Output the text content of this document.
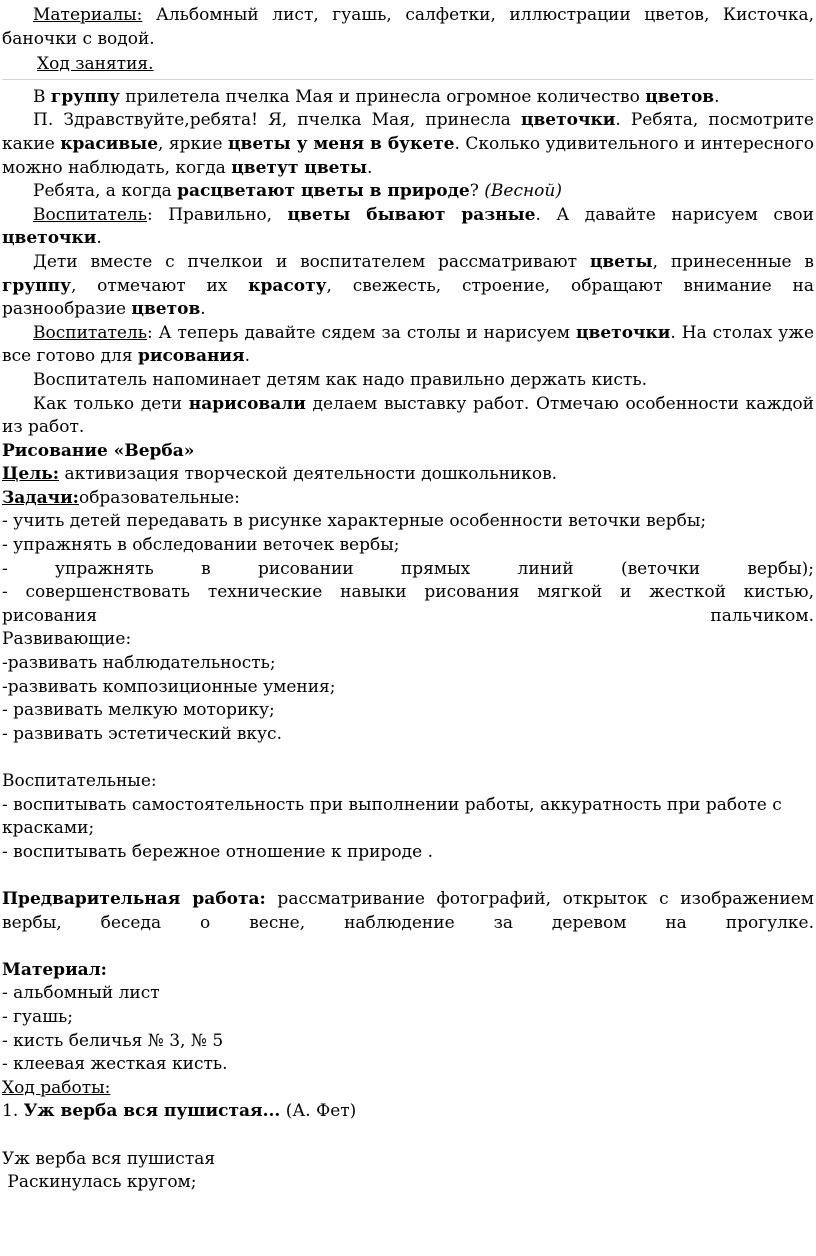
Материалы: Альбомный лист, гуашь, салфетки, иллюстрации цветов, Кисточка, баночки с водой.

Ход занятия.

В группу прилетела пчелка Мая и принесла огромное количество цветов.

П. Здравствуйте,ребята! Я, пчелка Мая, принесла цветочки. Ребята, посмотрите какие красивые, яркие цветы у меня в букете. Сколько удивительного и интересного можно наблюдать, когда цветут цветы.

Ребята, а когда расцветают цветы в природе? (Весной)

Воспитатель: Правильно, цветы бывают разные. А давайте нарисуем свои цветочки.

Дети вместе с пчелкои и воспитателем рассматривают цветы, принесенные в группу, отмечают их красоту, свежесть, строение, обращают внимание на разнообразие цветов.

Воспитатель: А теперь давайте сядем за столы и нарисуем цветочки. На столах уже все готово для рисования.

Воспитатель напоминает детям как надо правильно держать кисть.

Как только дети нарисовали делаем выставку работ. Отмечаю особенности каждой из работ.

Рисование «Верба»

Цель: активизация творческой деятельности дошкольников.

Задачи:образовательные:

- учить детей передавать в рисунке характерные особенности веточки вербы;

- упражнять в обследовании веточек вербы;

- упражнять в рисовании прямых линий (веточки вербы);

- совершенствовать технические навыки рисования мягкой и жесткой кистью, рисования пальчиком.

Развивающие:

-развивать наблюдательность;

-развивать композиционные умения;

- развивать мелкую моторику;

- развивать эстетический вкус.

Воспитательные:

- воспитывать самостоятельность при выполнении работы, аккуратность при работе с красками;

- воспитывать бережное отношение к природе .

Предварительная работа: рассматривание фотографий, открыток с изображением вербы, беседа о весне, наблюдение за деревом на прогулке.

Материал:

- альбомный лист

- гуашь;

- кисть беличья № 3, № 5

- клеевая жесткая кисть.

Ход работы:

1. Уж верба вся пушистая... (А. Фет)

Уж верба вся пушистая

Раскинулась кругом;
